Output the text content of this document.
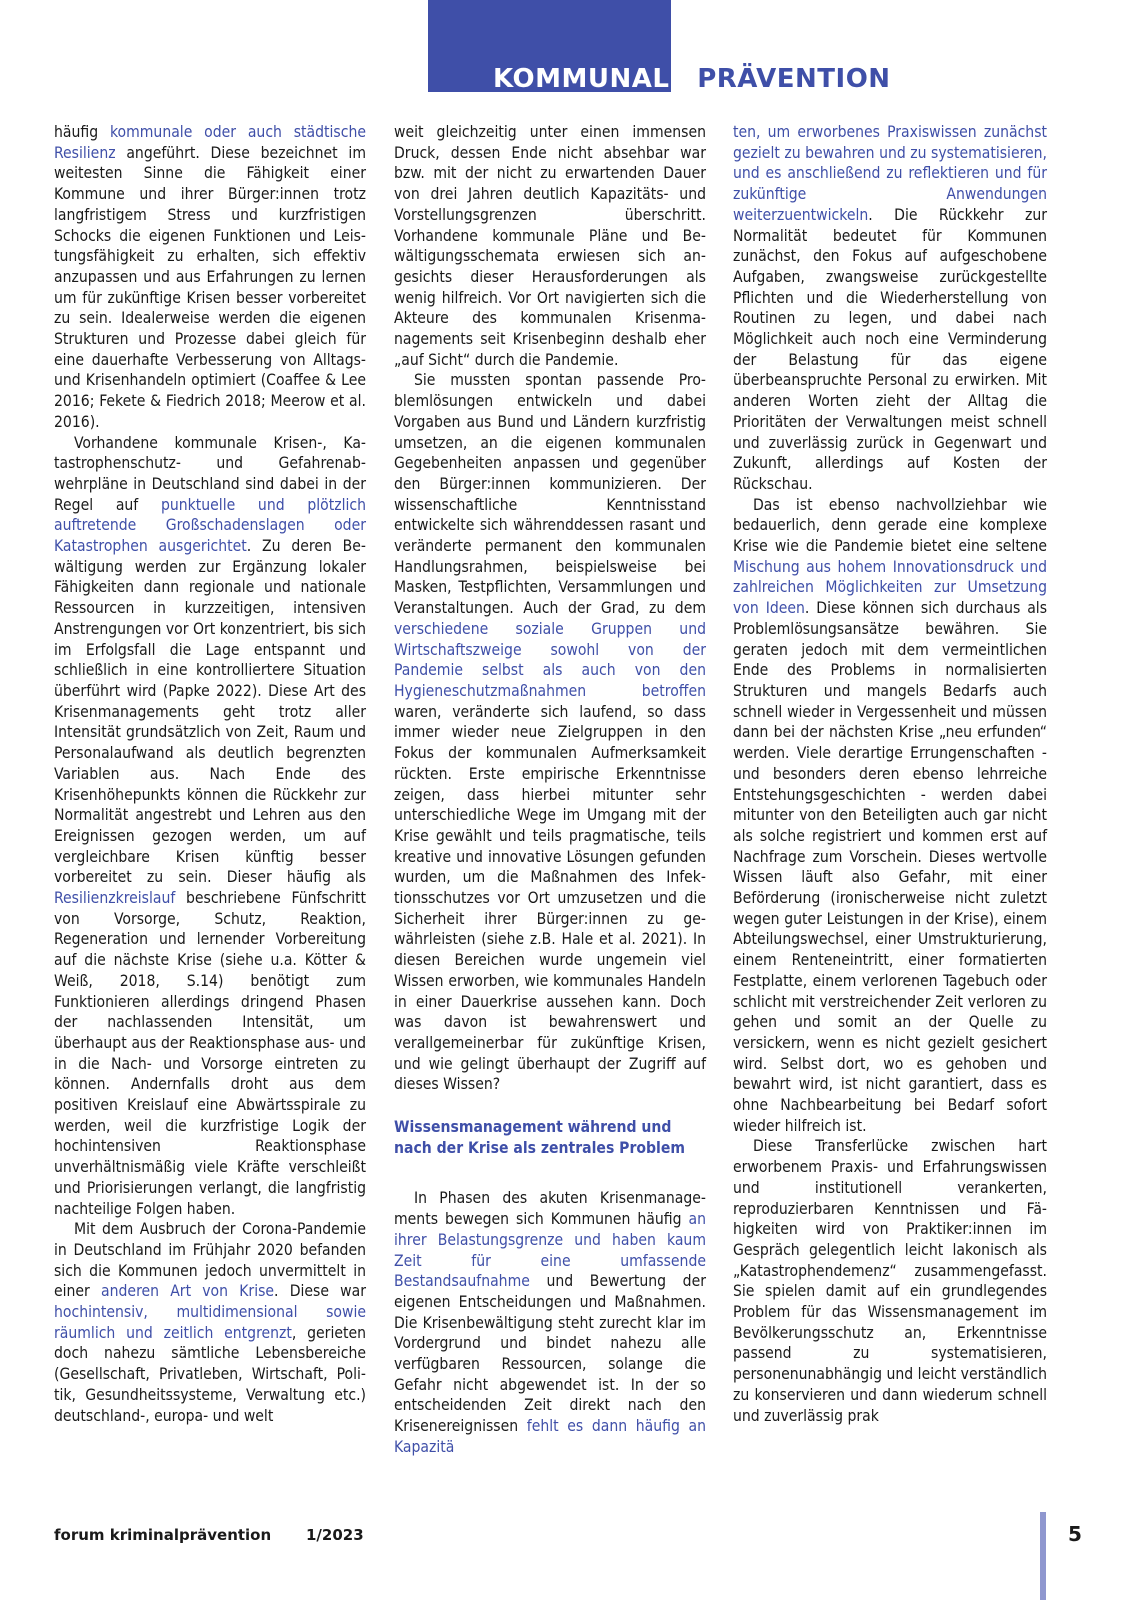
KOMMUNALE PRÄVENTION

häufig kommunale oder auch städtische Resilienz angeführt. Diese bezeichnet im weitesten Sinne die Fähigkeit einer Kommune und ihrer Bürger:innen trotz langfristigem Stress und kurzfristigen Schocks die eigenen Funktionen und Leistungsfähigkeit zu erhalten, sich effektiv anzupassen und aus Erfahrungen zu lernen um für zukünftige Krisen besser vorbereitet zu sein. Idealerweise werden die eigenen Strukturen und Prozesse dabei gleich für eine dauerhafte Verbesserung von Alltags- und Krisenhandeln optimiert (Coaffee & Lee 2016; Fekete & Fiedrich 2018; Meerow et al. 2016).

Vorhandene kommunale Krisen-, Katastrophenschutz- und Gefahrenabwehrpläne in Deutschland sind dabei in der Regel auf punktuelle und plötzlich auftretende Großschadenslagen oder Katastrophen ausgerichtet. Zu deren Bewältigung werden zur Ergänzung lokaler Fähigkeiten dann regionale und nationale Ressourcen in kurzzeitigen, intensiven Anstrengungen vor Ort konzentriert, bis sich im Erfolgsfall die Lage entspannt und schließlich in eine kontrolliertere Situation überführt wird (Papke 2022). Diese Art des Krisenmanagements geht trotz aller Intensität grundsätzlich von Zeit, Raum und Personalaufwand als deutlich begrenzten Variablen aus. Nach Ende des Krisenhöhepunkts können die Rückkehr zur Normalität angestrebt und Lehren aus den Ereignissen gezogen werden, um auf vergleichbare Krisen künftig besser vorbereitet zu sein. Dieser häufig als Resilienzkreislauf beschriebene Fünfschritt von Vorsorge, Schutz, Reaktion, Regeneration und lernender Vorbereitung auf die nächste Krise (siehe u.a. Kötter & Weiß, 2018, S.14) benötigt zum Funktionieren allerdings dringend Phasen der nachlassenden Intensität, um überhaupt aus der Reaktionsphase aus- und in die Nach- und Vorsorge eintreten zu können. Andernfalls droht aus dem positiven Kreislauf eine Abwärtsspirale zu werden, weil die kurzfristige Logik der hochintensiven Reaktionsphase unverhältnismäßig viele Kräfte verschleißt und Priorisierungen verlangt, die langfristig nachteilige Folgen haben.

Mit dem Ausbruch der Corona-Pandemie in Deutschland im Frühjahr 2020 befanden sich die Kommunen jedoch unvermittelt in einer anderen Art von Krise. Diese war hochintensiv, multidimensional sowie räumlich und zeitlich entgrenzt, gerieten doch nahezu sämtliche Lebensbereiche (Gesellschaft, Privatleben, Wirtschaft, Politik, Gesundheitssysteme, Verwaltung etc.) deutschland-, europa- und welt

weit gleichzeitig unter einen immensen Druck, dessen Ende nicht absehbar war bzw. mit der nicht zu erwartenden Dauer von drei Jahren deutlich Kapazitäts- und Vorstellungsgrenzen überschritt. Vorhandene kommunale Pläne und Bewältigungsschemata erwiesen sich angesichts dieser Herausforderungen als wenig hilfreich. Vor Ort navigierten sich die Akteure des kommunalen Krisenmanagements seit Krisenbeginn deshalb eher „auf Sicht“ durch die Pandemie.

Sie mussten spontan passende Problemlösungen entwickeln und dabei Vorgaben aus Bund und Ländern kurzfristig umsetzen, an die eigenen kommunalen Gegebenheiten anpassen und gegenüber den Bürger:innen kommunizieren. Der wissenschaftliche Kenntnisstand entwickelte sich währenddessen rasant und veränderte permanent den kommunalen Handlungsrahmen, beispielsweise bei Masken, Testpflichten, Versammlungen und Veranstaltungen. Auch der Grad, zu dem verschiedene soziale Gruppen und Wirtschaftszweige sowohl von der Pandemie selbst als auch von den Hygieneschutzmaßnahmen betroffen waren, veränderte sich laufend, so dass immer wieder neue Zielgruppen in den Fokus der kommunalen Aufmerksamkeit rückten. Erste empirische Erkenntnisse zeigen, dass hierbei mitunter sehr unterschiedliche Wege im Umgang mit der Krise gewählt und teils pragmatische, teils kreative und innovative Lösungen gefunden wurden, um die Maßnahmen des Infektionsschutzes vor Ort umzusetzen und die Sicherheit ihrer Bürger:innen zu gewährleisten (siehe z.B. Hale et al. 2021). In diesen Bereichen wurde ungemein viel Wissen erworben, wie kommunales Handeln in einer Dauerkrise aussehen kann. Doch was davon ist bewahrenswert und verallgemeinerbar für zukünftige Krisen, und wie gelingt überhaupt der Zugriff auf dieses Wissen?

Wissensmanagement während und nach der Krise als zentrales Problem

In Phasen des akuten Krisenmanagements bewegen sich Kommunen häufig an ihrer Belastungsgrenze und haben kaum Zeit für eine umfassende Bestandsaufnahme und Bewertung der eigenen Entscheidungen und Maßnahmen. Die Krisenbewältigung steht zurecht klar im Vordergrund und bindet nahezu alle verfügbaren Ressourcen, solange die Gefahr nicht abgewendet ist. In der so entscheidenden Zeit direkt nach den Krisenereignissen fehlt es dann häufig an Kapazitä

ten, um erworbenes Praxiswissen zunächst gezielt zu bewahren und zu systematisieren, und es anschließend zu reflektieren und für zukünftige Anwendungen weiterzuentwickeln. Die Rückkehr zur Normalität bedeutet für Kommunen zunächst, den Fokus auf aufgeschobene Aufgaben, zwangsweise zurückgestellte Pflichten und die Wiederherstellung von Routinen zu legen, und dabei nach Möglichkeit auch noch eine Verminderung der Belastung für das eigene überbeanspruchte Personal zu erwirken. Mit anderen Worten zieht der Alltag die Prioritäten der Verwaltungen meist schnell und zuverlässig zurück in Gegenwart und Zukunft, allerdings auf Kosten der Rückschau.

Das ist ebenso nachvollziehbar wie bedauerlich, denn gerade eine komplexe Krise wie die Pandemie bietet eine seltene Mischung aus hohem Innovationsdruck und zahlreichen Möglichkeiten zur Umsetzung von Ideen. Diese können sich durchaus als Problemlösungsansätze bewähren. Sie geraten jedoch mit dem vermeintlichen Ende des Problems in normalisierten Strukturen und mangels Bedarfs auch schnell wieder in Vergessenheit und müssen dann bei der nächsten Krise „neu erfunden“ werden. Viele derartige Errungenschaften - und besonders deren ebenso lehrreiche Entstehungsgeschichten - werden dabei mitunter von den Beteiligten auch gar nicht als solche registriert und kommen erst auf Nachfrage zum Vorschein. Dieses wertvolle Wissen läuft also Gefahr, mit einer Beförderung (ironischerweise nicht zuletzt wegen guter Leistungen in der Krise), einem Abteilungswechsel, einer Umstrukturierung, einem Renteneintritt, einer formatierten Festplatte, einem verlorenen Tagebuch oder schlicht mit verstreichender Zeit verloren zu gehen und somit an der Quelle zu versickern, wenn es nicht gezielt gesichert wird. Selbst dort, wo es gehoben und bewahrt wird, ist nicht garantiert, dass es ohne Nachbearbeitung bei Bedarf sofort wieder hilfreich ist.

Diese Transferlücke zwischen hart erworbenem Praxis- und Erfahrungswissen und institutionell verankerten, reproduzierbaren Kenntnissen und Fähigkeiten wird von Praktiker:innen im Gespräch gelegentlich leicht lakonisch als „Katastrophendemenz“ zusammengefasst. Sie spielen damit auf ein grundlegendes Problem für das Wissensmanagement im Bevölkerungsschutz an, Erkenntnisse passend zu systematisieren, personenunabhängig und leicht verständlich zu konservieren und dann wiederum schnell und zuverlässig prak

forum kriminalprävention 1/2023	5
